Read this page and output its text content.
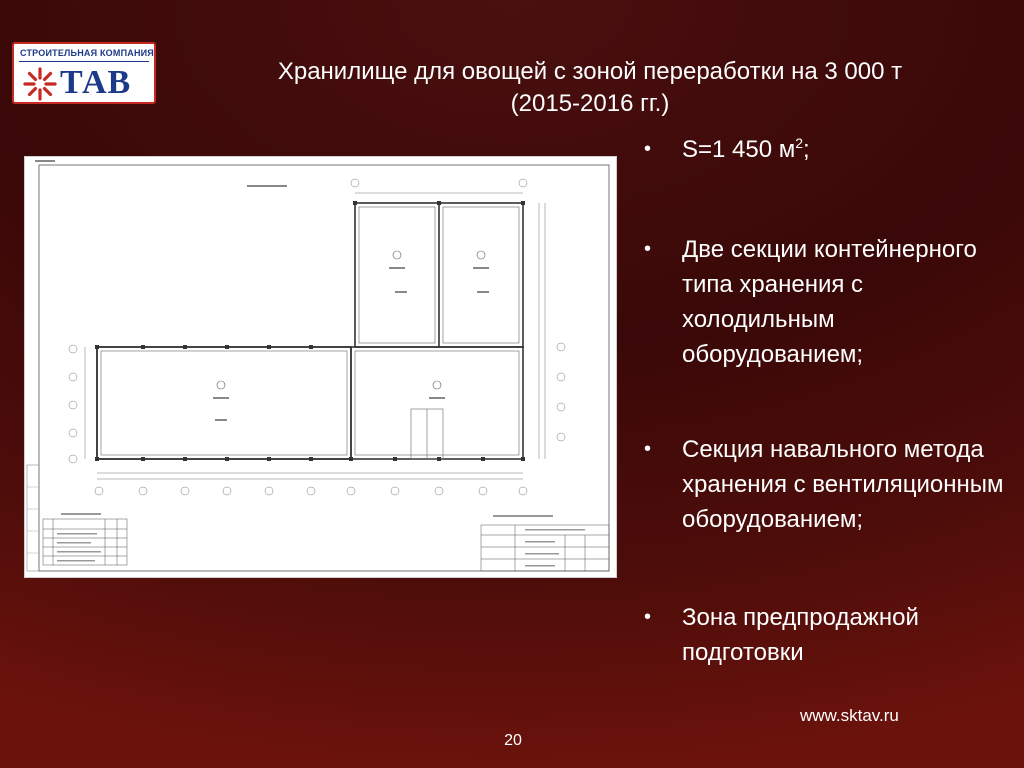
СТРОИТЕЛЬНАЯ КОМПАНИЯ
ТАВ	Хранилище для овощей с зоной переработки на 3 000 т
(2015-2016 гг.)
•	S=1 450 $м^2$;
•	Две секции контейнерного типа хранения с холодильным оборудованием;
•	Секция навального метода хранения с вентиляционным оборудованием;
•	Зона предпродажной подготовки
www.sktav.ru
20
